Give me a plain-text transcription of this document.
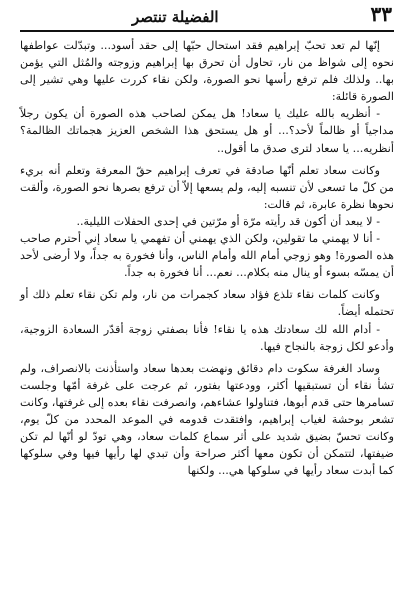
٣٣
الفضيلة تنتصر

إنّها لم تعد تحبّ إبراهيم فقد استحال حبّها إلى حقد أسود... وتبدّلت عواطفها نحوه إلى شواظ من نار، تحاول أن تحرق بها إبراهيم وزوجته والمُثل التي يؤمن بها.. ولذلك فلم ترفع رأسها نحو الصورة، ولكن نقاء كررت عليها وهي تشير إلى الصورة قائلة:

- أنظريه بالله عليك يا سعاد! هل يمكن لصاحب هذه الصورة أن يكون رجلاً مداجياً أو ظالماً لأحد؟... أو هل يستحق هذا الشخص العزيز هجماتك الظالمة؟ أنظريه... يا سعاد لترى صدق ما أقول..

وكانت سعاد تعلم أنّها صادقة في تعرف إبراهيم حقّ المعرفة وتعلم أنه بريء من كلّ ما تسعى لأن تنسبه إليه، ولم يسعها إلاّ أن ترفع بصرها نحو الصورة، وألقت نحوها نظرة عابرة، ثم قالت:

- لا يبعد أن أكون قد رأيته مرّة أو مرّتين في إحدى الحفلات الليلية..

- أنا لا يهمني ما تقولين، ولكن الذي يهمني أن تفهمي يا سعاد إني أحترم صاحب هذه الصورة! وهو زوجي أمام الله وأمام الناس، وأنا فخورة به جداً، ولا أرضى لأحد أن يمسّه بسوء أو ينال منه بكلام... نعم... أنا فخورة به جداً.

وكانت كلمات نقاء تلذع فؤاد سعاد كجمرات من نار، ولم تكن نقاء تعلم ذلك أو تحتمله أيضاً.

- أدام الله لك سعادتك هذه يا نقاء! فأنا بصفتي زوجة أقدّر السعادة الزوجية، وأدعو لكل زوجة بالنجاح فيها.

وساد الغرفة سكوت دام دقائق ونهضت بعدها سعاد واستأذنت بالانصراف، ولم تشأ نقاء أن تستبقيها أكثر، وودعتها بفتور، ثم عرجت على غرفة أمّها وجلست تسامرها حتى قدم أبوها، فتناولوا عشاءهم، وانصرفت نقاء بعده إلى غرفتها، وكانت تشعر بوحشة لغياب إبراهيم، وافتقدت قدومه في الموعد المحدد من كلّ يوم، وكانت تحسّ بضيق شديد على أثر سماع كلمات سعاد، وهي تودّ لو أنّها لم تكن ضيفتها، لتتمكن أن تكون معها أكثر صراحة وأن تبدي لها رأيها فيها وفي سلوكها كما أبدت سعاد رأيها في سلوكها هي... ولكنها
